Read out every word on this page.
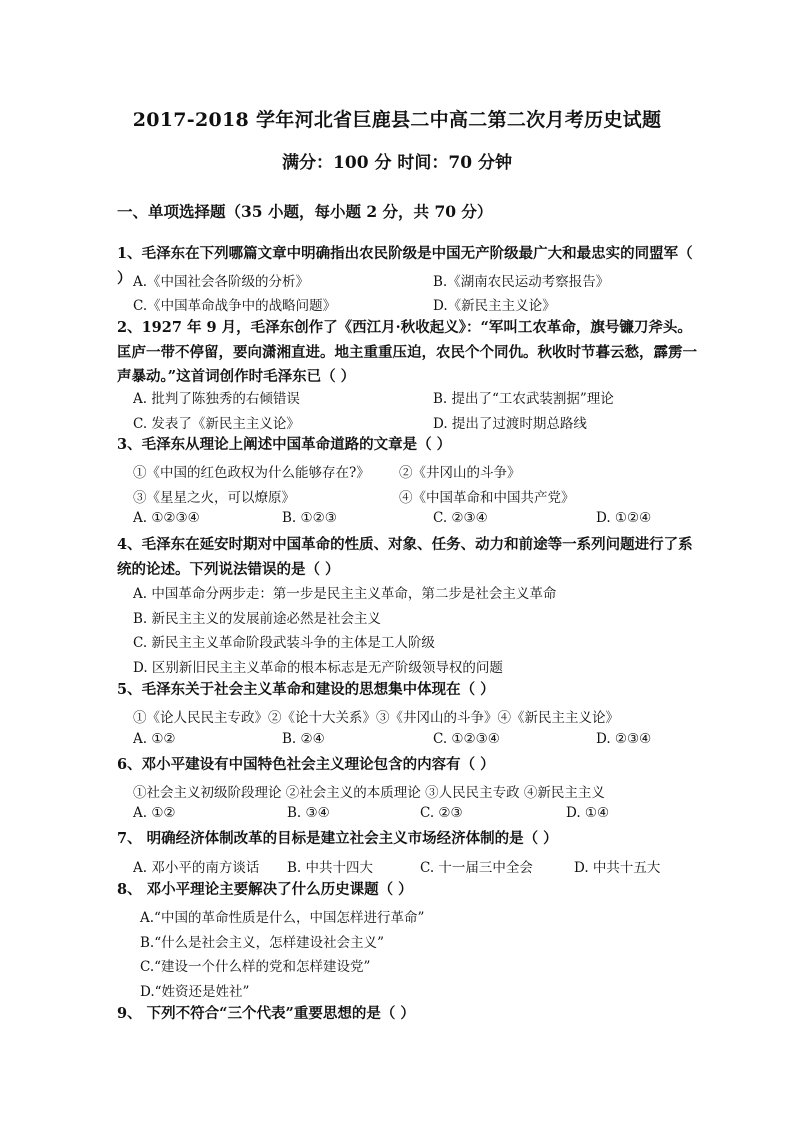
2017-2018 学年河北省巨鹿县二中高二第二次月考历史试题
满分：100 分 时间：70 分钟
一、单项选择题（35 小题，每小题 2 分，共 70 分）
1、毛泽东在下列哪篇文章中明确指出农民阶级是中国无产阶级最广大和最忠实的同盟军（ ） A.《中国社会各阶级的分析》	B.《湖南农民运动考察报告》
C.《中国革命战争中的战略问题》	D.《新民主主义论》
2、1927 年 9 月，毛泽东创作了《西江月·秋收起义》：“军叫工农革命，旗号镰刀斧头。匡庐一带不停留，要向潇湘直进。地主重重压迫，农民个个同仇。秋收时节暮云愁，霹雳一声暴动。”这首词创作时毛泽东已（ ）
A. 批判了陈独秀的右倾错误	B. 提出了“工农武装割据”理论
C. 发表了《新民主主义论》	D. 提出了过渡时期总路线
3、毛泽东从理论上阐述中国革命道路的文章是（ ）
①《中国的红色政权为什么能够存在?》 ②《井冈山的斗争》
③《星星之火，可以燎原》	④《中国革命和中国共产党》
A. ①②③④	B. ①②③	C. ②③④	D. ①②④
4、毛泽东在延安时期对中国革命的性质、对象、任务、动力和前途等一系列问题进行了系统的论述。下列说法错误的是（ ）
A. 中国革命分两步走：第一步是民主主义革命，第二步是社会主义革命
B. 新民主主义的发展前途必然是社会主义
C. 新民主主义革命阶段武装斗争的主体是工人阶级
D. 区别新旧民主主义革命的根本标志是无产阶级领导权的问题
5、毛泽东关于社会主义革命和建设的思想集中体现在（ ）
①《论人民民主专政》②《论十大关系》③《井冈山的斗争》④《新民主主义论》
A. ①②	B. ②④	C. ①②③④	D. ②③④
6、邓小平建设有中国特色社会主义理论包含的内容有（ ）
①社会主义初级阶段理论 ②社会主义的本质理论 ③人民民主专政 ④新民主主义
A. ①②	B. ③④	C. ②③	D. ①④
7、 明确经济体制改革的目标是建立社会主义市场经济体制的是（ ）
A. 邓小平的南方谈话 B. 中共十四大	C. 十一届三中全会	D. 中共十五大
8、 邓小平理论主要解决了什么历史课题（ ）
A.“中国的革命性质是什么，中国怎样进行革命”
B.“什么是社会主义，怎样建设社会主义”
C.“建设一个什么样的党和怎样建设党”
D.“姓资还是姓社”
9、 下列不符合“三个代表”重要思想的是（ ）
